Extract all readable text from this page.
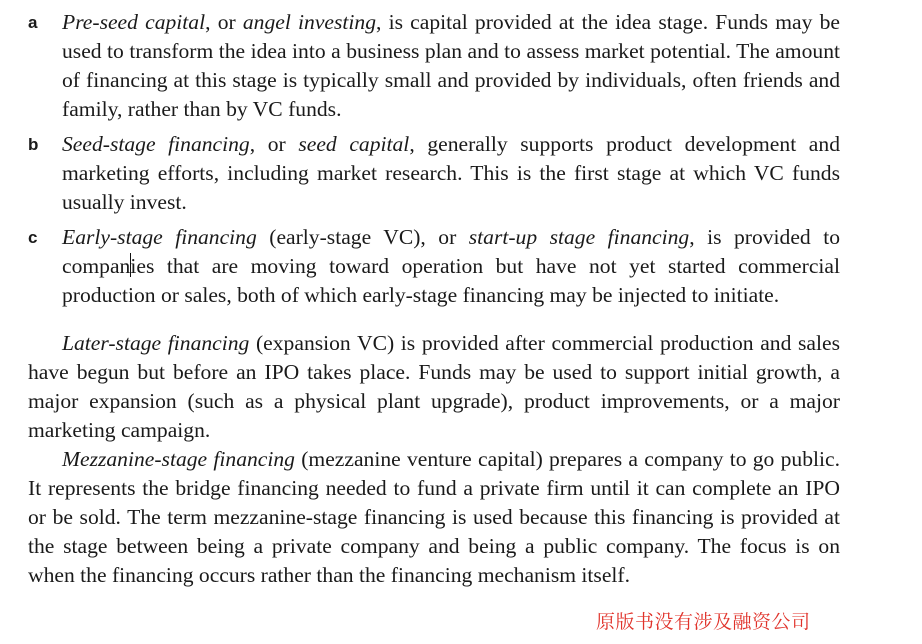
a Pre-seed capital, or angel investing, is capital provided at the idea stage. Funds may be used to transform the idea into a business plan and to assess market potential. The amount of financing at this stage is typically small and provided by individuals, often friends and family, rather than by VC funds.
b Seed-stage financing, or seed capital, generally supports product development and marketing efforts, including market research. This is the first stage at which VC funds usually invest.
c Early-stage financing (early-stage VC), or start-up stage financing, is provided to companies that are moving toward operation but have not yet started commercial production or sales, both of which early-stage financing may be injected to initiate.

Later-stage financing (expansion VC) is provided after commercial production and sales have begun but before an IPO takes place. Funds may be used to support initial growth, a major expansion (such as a physical plant upgrade), product improvements, or a major marketing campaign.

Mezzanine-stage financing (mezzanine venture capital) prepares a company to go public. It represents the bridge financing needed to fund a private firm until it can complete an IPO or be sold. The term mezzanine-stage financing is used because this financing is provided at the stage between being a private company and being a public company. The focus is on when the financing occurs rather than the financing mechanism itself.

原版书没有涉及融资公司
